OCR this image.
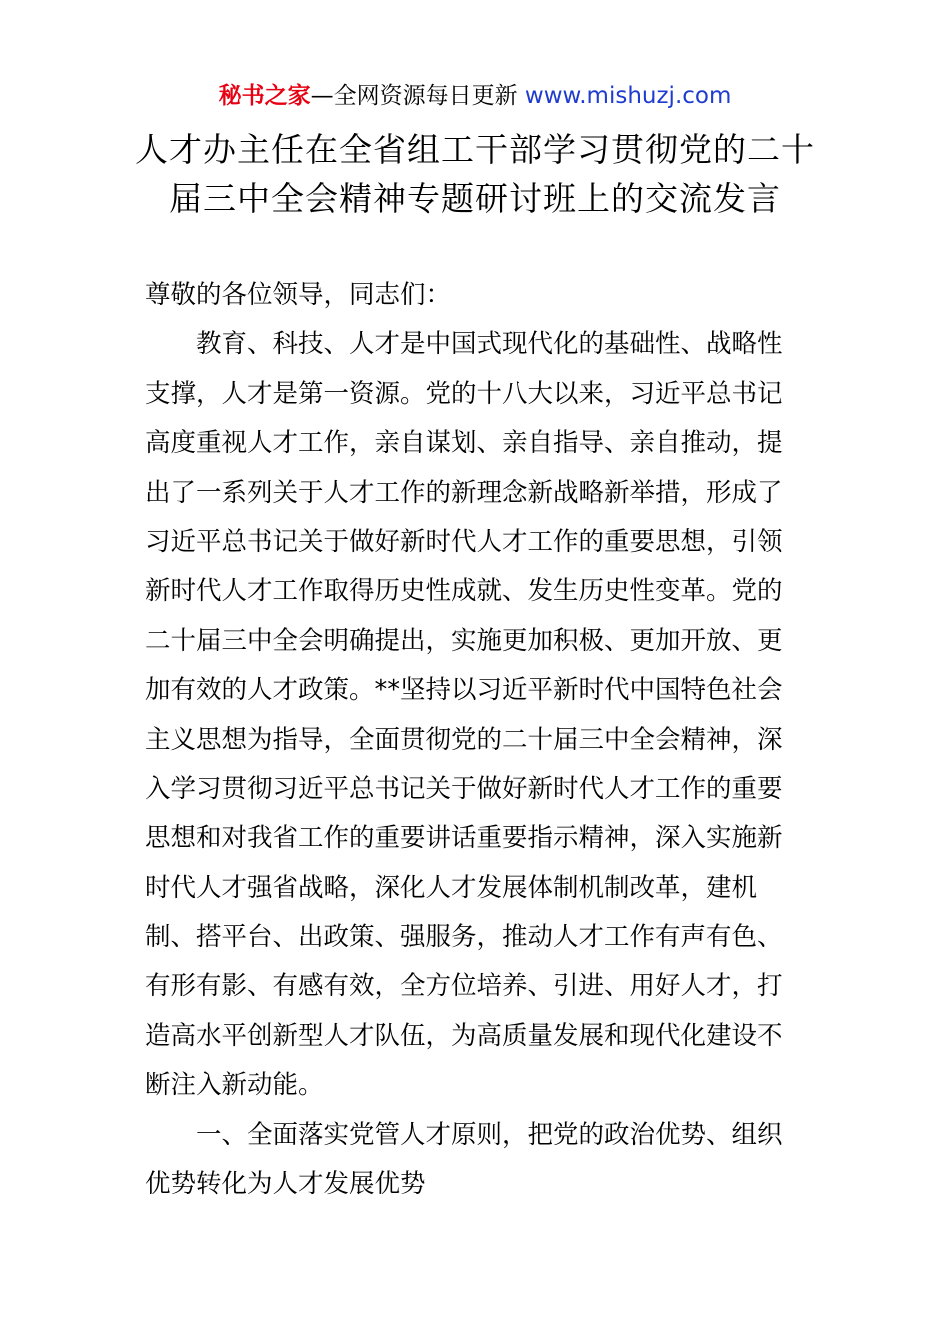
秘书之家—全网资源每日更新 www.mishuzj.com
人才办主任在全省组工干部学习贯彻党的二十
届三中全会精神专题研讨班上的交流发言
尊敬的各位领导，同志们：
教育、科技、人才是中国式现代化的基础性、战略性
支撑，人才是第一资源。党的十八大以来，习近平总书记
高度重视人才工作，亲自谋划、亲自指导、亲自推动，提
出了一系列关于人才工作的新理念新战略新举措，形成了
习近平总书记关于做好新时代人才工作的重要思想，引领
新时代人才工作取得历史性成就、发生历史性变革。党的
二十届三中全会明确提出，实施更加积极、更加开放、更
加有效的人才政策。**坚持以习近平新时代中国特色社会
主义思想为指导，全面贯彻党的二十届三中全会精神，深
入学习贯彻习近平总书记关于做好新时代人才工作的重要
思想和对我省工作的重要讲话重要指示精神，深入实施新
时代人才强省战略，深化人才发展体制机制改革，建机
制、搭平台、出政策、强服务，推动人才工作有声有色、
有形有影、有感有效，全方位培养、引进、用好人才，打
造高水平创新型人才队伍，为高质量发展和现代化建设不
断注入新动能。
一、全面落实党管人才原则，把党的政治优势、组织
优势转化为人才发展优势
